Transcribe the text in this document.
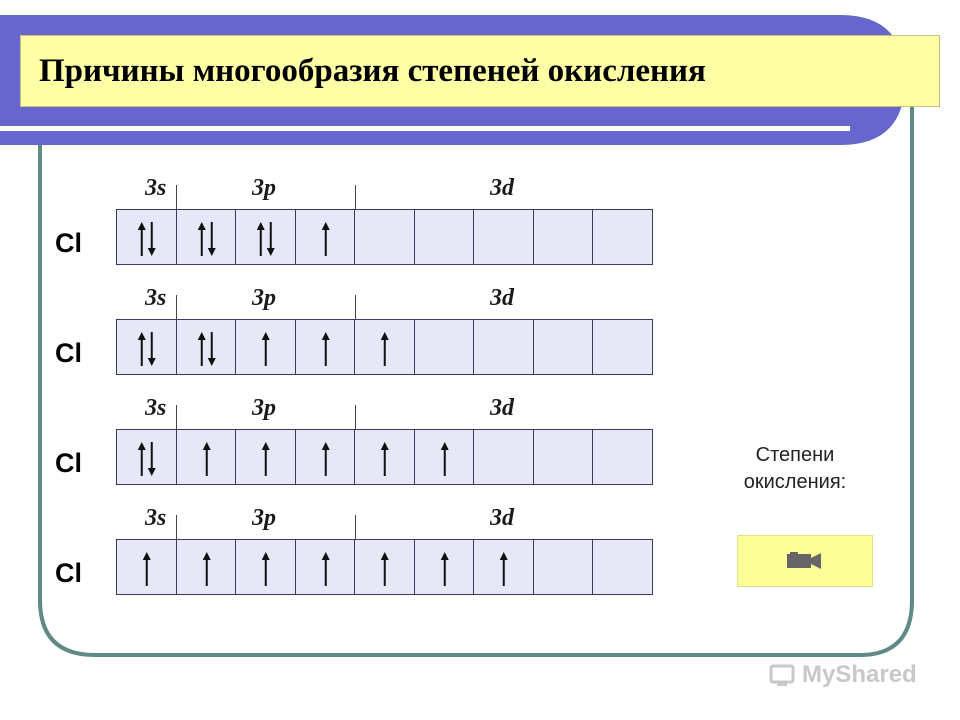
Причины многообразия степеней окисления
3s	3p	3d
Cl
3s	3p	3d
Cl
3s	3p	3d
Cl
3s	3p	3d
Cl
Степени
окисления:
MyShared
